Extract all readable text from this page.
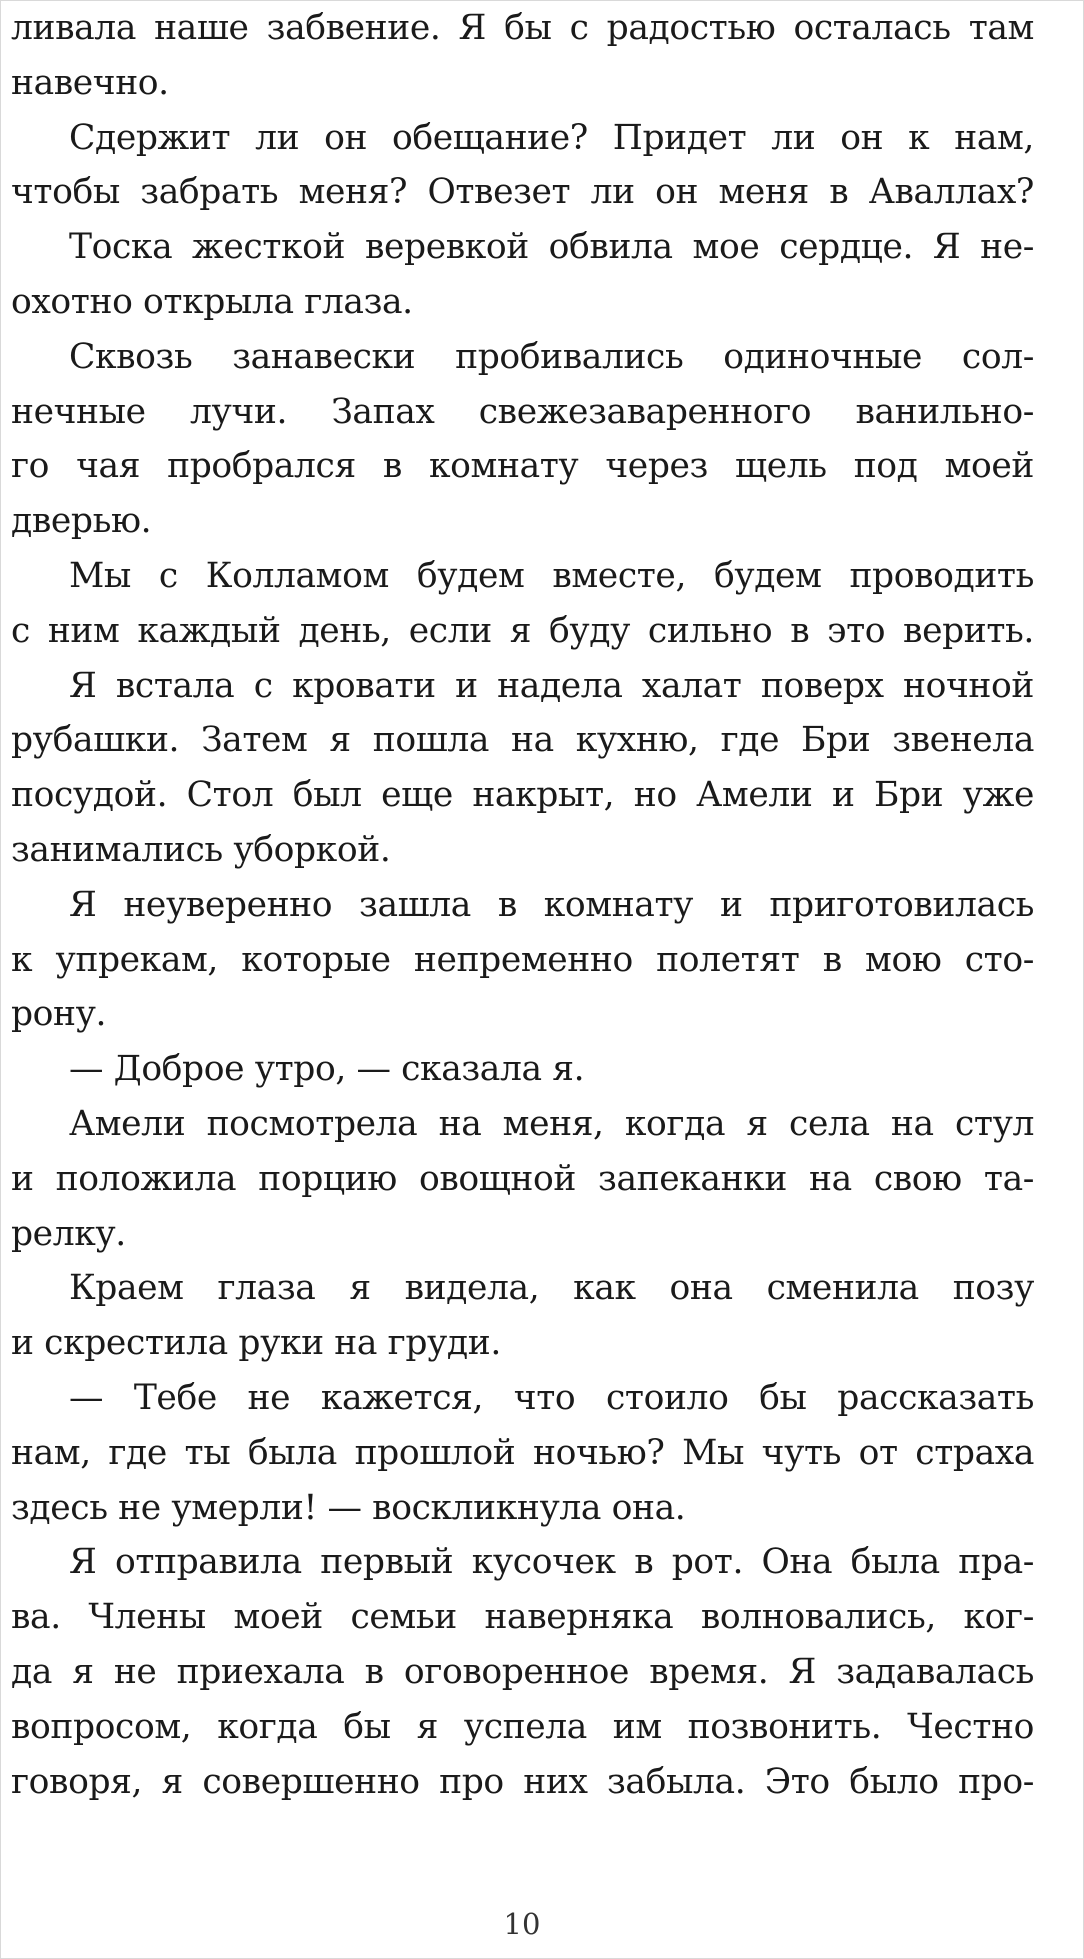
ливала наше забвение. Я бы с радостью осталась там
навечно.
Сдержит ли он обещание? Придет ли он к нам,
чтобы забрать меня? Отвезет ли он меня в Аваллах?
Тоска жесткой веревкой обвила мое сердце. Я не-
охотно открыла глаза.
Сквозь занавески пробивались одиночные сол-
нечные лучи. Запах свежезаваренного ванильно-
го чая пробрался в комнату через щель под моей
дверью.
Мы с Колламом будем вместе, будем проводить
с ним каждый день, если я буду сильно в это верить.
Я встала с кровати и надела халат поверх ночной
рубашки. Затем я пошла на кухню, где Бри звенела
посудой. Стол был еще накрыт, но Амели и Бри уже
занимались уборкой.
Я неуверенно зашла в комнату и приготовилась
к упрекам, которые непременно полетят в мою сто-
рону.
— Доброе утро, — сказала я.
Амели посмотрела на меня, когда я села на стул
и положила порцию овощной запеканки на свою та-
релку.
Краем глаза я видела, как она сменила позу
и скрестила руки на груди.
— Тебе не кажется, что стоило бы рассказать
нам, где ты была прошлой ночью? Мы чуть от страха
здесь не умерли! — воскликнула она.
Я отправила первый кусочек в рот. Она была пра-
ва. Члены моей семьи наверняка волновались, ког-
да я не приехала в оговоренное время. Я задавалась
вопросом, когда бы я успела им позвонить. Честно
говоря, я совершенно про них забыла. Это было про-
10
